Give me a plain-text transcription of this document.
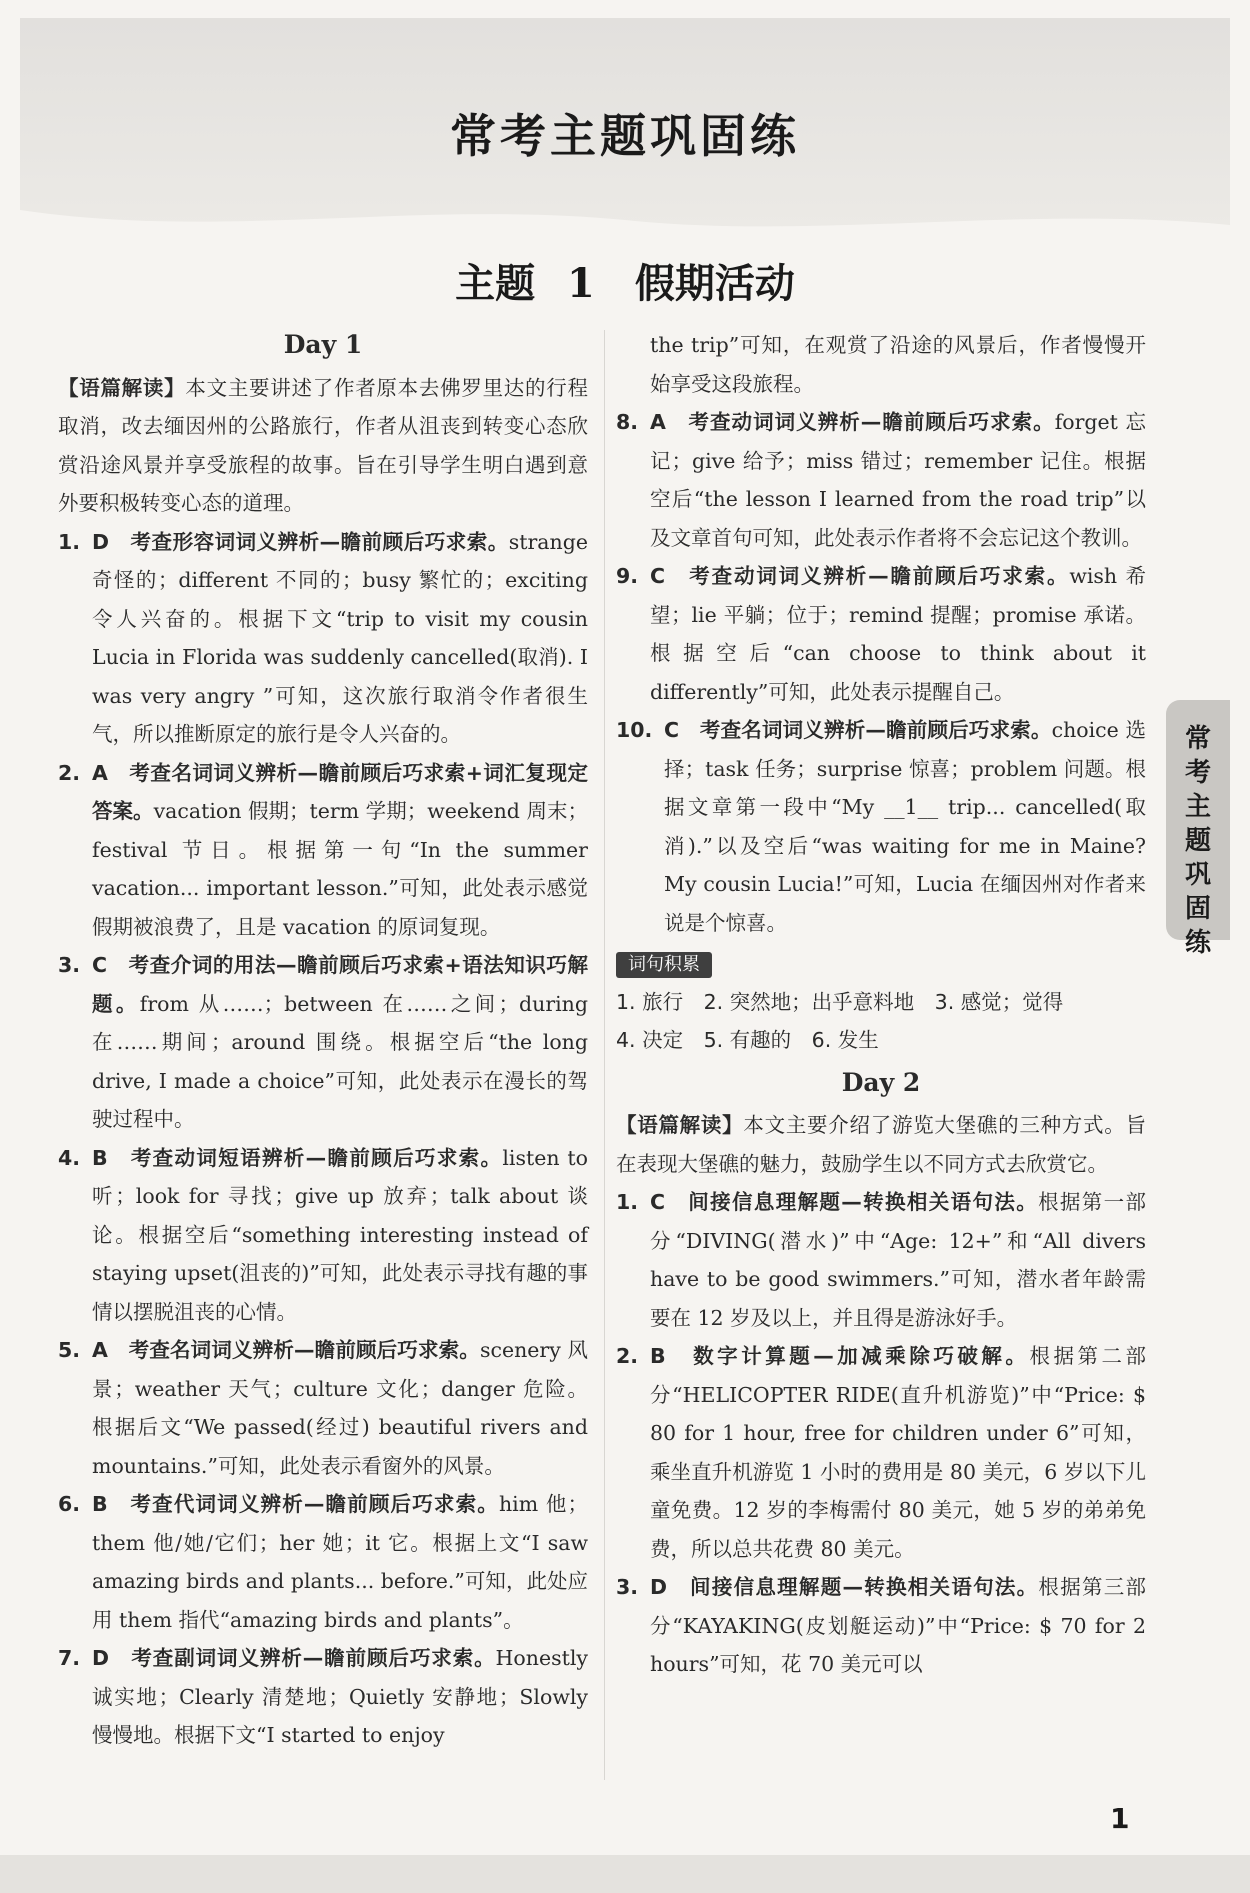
常考主题巩固练
主题 1　假期活动
Day 1

【语篇解读】本文主要讲述了作者原本去佛罗里达的行程取消，改去缅因州的公路旅行，作者从沮丧到转变心态欣赏沿途风景并享受旅程的故事。旨在引导学生明白遇到意外要积极转变心态的道理。

1. D　考查形容词词义辨析—瞻前顾后巧求索。strange 奇怪的；different 不同的；busy 繁忙的；exciting 令人兴奋的。根据下文“trip to visit my cousin Lucia in Florida was suddenly cancelled(取消). I was very angry ”可知，这次旅行取消令作者很生气，所以推断原定的旅行是令人兴奋的。
2. A　考查名词词义辨析—瞻前顾后巧求索+词汇复现定答案。vacation 假期；term 学期；weekend 周末；festival 节日。根据第一句“In the summer vacation... important lesson.”可知，此处表示感觉假期被浪费了，且是 vacation 的原词复现。
3. C　考查介词的用法—瞻前顾后巧求索+语法知识巧解题。from 从……；between 在……之间；during 在……期间；around 围绕。根据空后“the long drive, I made a choice”可知，此处表示在漫长的驾驶过程中。
4. B　考查动词短语辨析—瞻前顾后巧求索。listen to 听；look for 寻找；give up 放弃；talk about 谈论。根据空后“something interesting instead of staying upset(沮丧的)”可知，此处表示寻找有趣的事情以摆脱沮丧的心情。
5. A　考查名词词义辨析—瞻前顾后巧求索。scenery 风景；weather 天气；culture 文化；danger 危险。根据后文“We passed(经过) beautiful rivers and mountains.”可知，此处表示看窗外的风景。
6. B　考查代词词义辨析—瞻前顾后巧求索。him 他；them 他/她/它们；her 她；it 它。根据上文“I saw amazing birds and plants... before.”可知，此处应用 them 指代“amazing birds and plants”。
7. D　考查副词词义辨析—瞻前顾后巧求索。Honestly 诚实地；Clearly 清楚地；Quietly 安静地；Slowly 慢慢地。根据下文“I started to enjoy

the trip”可知，在观赏了沿途的风景后，作者慢慢开始享受这段旅程。

8. A　考查动词词义辨析—瞻前顾后巧求索。forget 忘记；give 给予；miss 错过；remember 记住。根据空后“the lesson I learned from the road trip”以及文章首句可知，此处表示作者将不会忘记这个教训。
9. C　考查动词词义辨析—瞻前顾后巧求索。wish 希望；lie 平躺；位于；remind 提醒；promise 承诺。根据空后“can choose to think about it differently”可知，此处表示提醒自己。
10. C　考查名词词义辨析—瞻前顾后巧求索。choice 选择；task 任务；surprise 惊喜；problem 问题。根据文章第一段中“My __1__ trip... cancelled(取消).”以及空后“was waiting for me in Maine? My cousin Lucia!”可知，Lucia 在缅因州对作者来说是个惊喜。
词句积累

1. 旅行　2. 突然地；出乎意料地　3. 感觉；觉得

4. 决定　5. 有趣的　6. 发生

Day 2

【语篇解读】本文主要介绍了游览大堡礁的三种方式。旨在表现大堡礁的魅力，鼓励学生以不同方式去欣赏它。

1. C　间接信息理解题—转换相关语句法。根据第一部分“DIVING(潜水)”中“Age: 12+”和“All divers have to be good swimmers.”可知，潜水者年龄需要在 12 岁及以上，并且得是游泳好手。
2. B　数字计算题—加减乘除巧破解。根据第二部分“HELICOPTER RIDE(直升机游览)”中“Price: $ 80 for 1 hour, free for children under 6”可知，乘坐直升机游览 1 小时的费用是 80 美元，6 岁以下儿童免费。12 岁的李梅需付 80 美元，她 5 岁的弟弟免费，所以总共花费 80 美元。
3. D　间接信息理解题—转换相关语句法。根据第三部分“KAYAKING(皮划艇运动)”中“Price: $ 70 for 2 hours”可知，花 70 美元可以
常考主题巩固练
1
